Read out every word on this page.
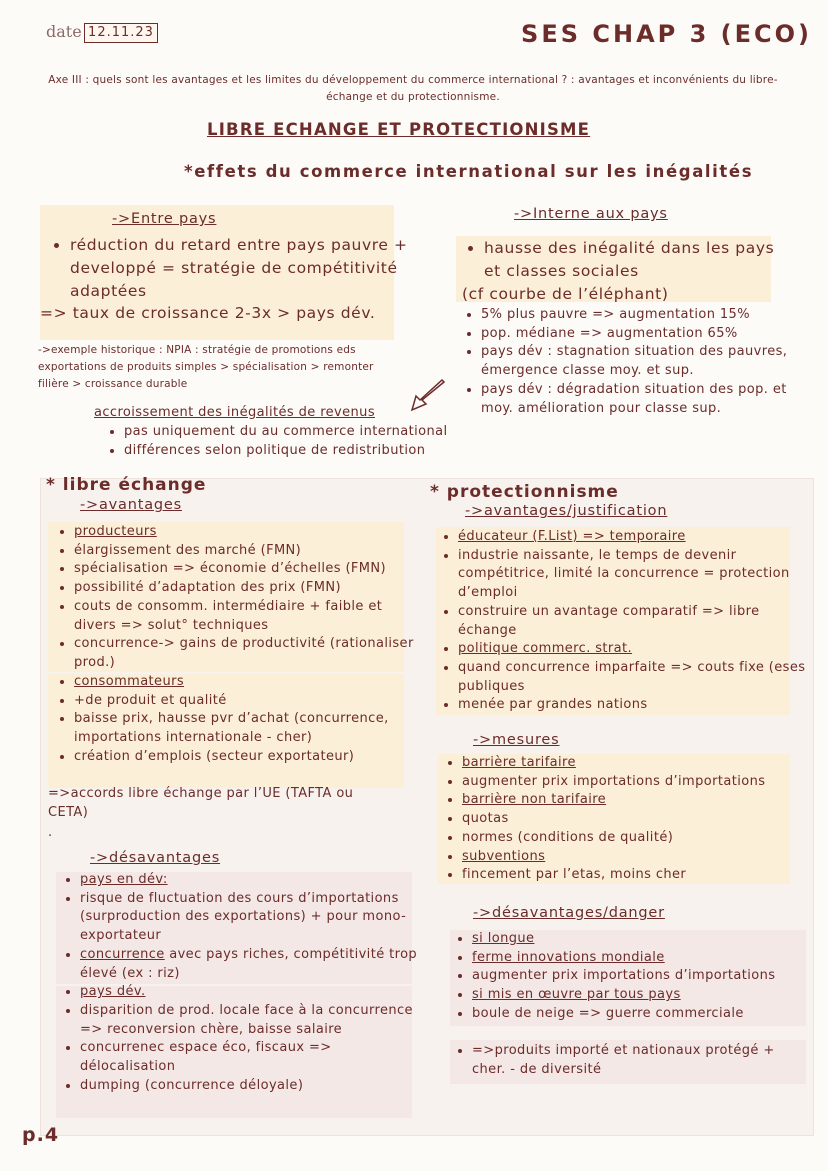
date 12.11.23	SES CHAP 3 (ECO)
Axe III : quels sont les avantages et les limites du développement du commerce international ? : avantages et inconvénients du libre-échange et du protectionnisme.
LIBRE ECHANGE ET PROTECTIONISME
*effets du commerce international sur les inégalités
->Entre pays
• réduction du retard entre pays pauvre + developpé = stratégie de compétitivité adaptées
=> taux de croissance 2-3x > pays dév.
->exemple historique : NPIA : stratégie de promotions eds exportations de produits simples > spécialisation > remonter filière > croissance durable
->Interne aux pays
• hausse des inégalité dans les pays et classes sociales
(cf courbe de l’éléphant)
• 5% plus pauvre => augmentation 15%
• pop. médiane => augmentation 65%
• pays dév : stagnation situation des pauvres, émergence classe moy. et sup.
• pays dév : dégradation situation des pop. et moy. amélioration pour classe sup.
accroissement des inégalités de revenus
• pas uniquement du au commerce international
• différences selon politique de redistribution
* libre échange
->avantages
• producteurs
• élargissement des marché (FMN)
• spécialisation => économie d’échelles (FMN)
• possibilité d’adaptation des prix (FMN)
• couts de consomm. intermédiaire + faible et divers => solut° techniques
• concurrence-> gains de productivité (rationaliser prod.)
• consommateurs
• +de produit et qualité
• baisse prix, hausse pvr d’achat (concurrence, importations internationale - cher)
• création d’emplois (secteur exportateur)
=>accords libre échange par l’UE (TAFTA ou CETA)
.
->désavantages
• pays en dév:
• risque de fluctuation des cours d’importations (surproduction des exportations) + pour mono-exportateur
• concurrence avec pays riches, compétitivité trop élevé (ex : riz)
• pays dév.
• disparition de prod. locale face à la concurrence => reconversion chère, baisse salaire
• concurrenec espace éco, fiscaux => délocalisation
• dumping (concurrence déloyale)
* protectionnisme
->avantages/justification
• éducateur (F.List) => temporaire
• industrie naissante, le temps de devenir compétitrice, limité la concurrence = protection d’emploi
• construire un avantage comparatif => libre échange
• politique commerc. strat.
• quand concurrence imparfaite => couts fixe (eses publiques
• menée par grandes nations
->mesures
• barrière tarifaire
• augmenter prix importations d’importations
• barrière non tarifaire
• quotas
• normes (conditions de qualité)
• subventions
• fincement par l’etas, moins cher
->désavantages/danger
• si longue
• ferme innovations mondiale
• augmenter prix importations d’importations
• si mis en œuvre par tous pays
• boule de neige => guerre commerciale
• =>produits importé et nationaux protégé + cher. - de diversité
p.4
